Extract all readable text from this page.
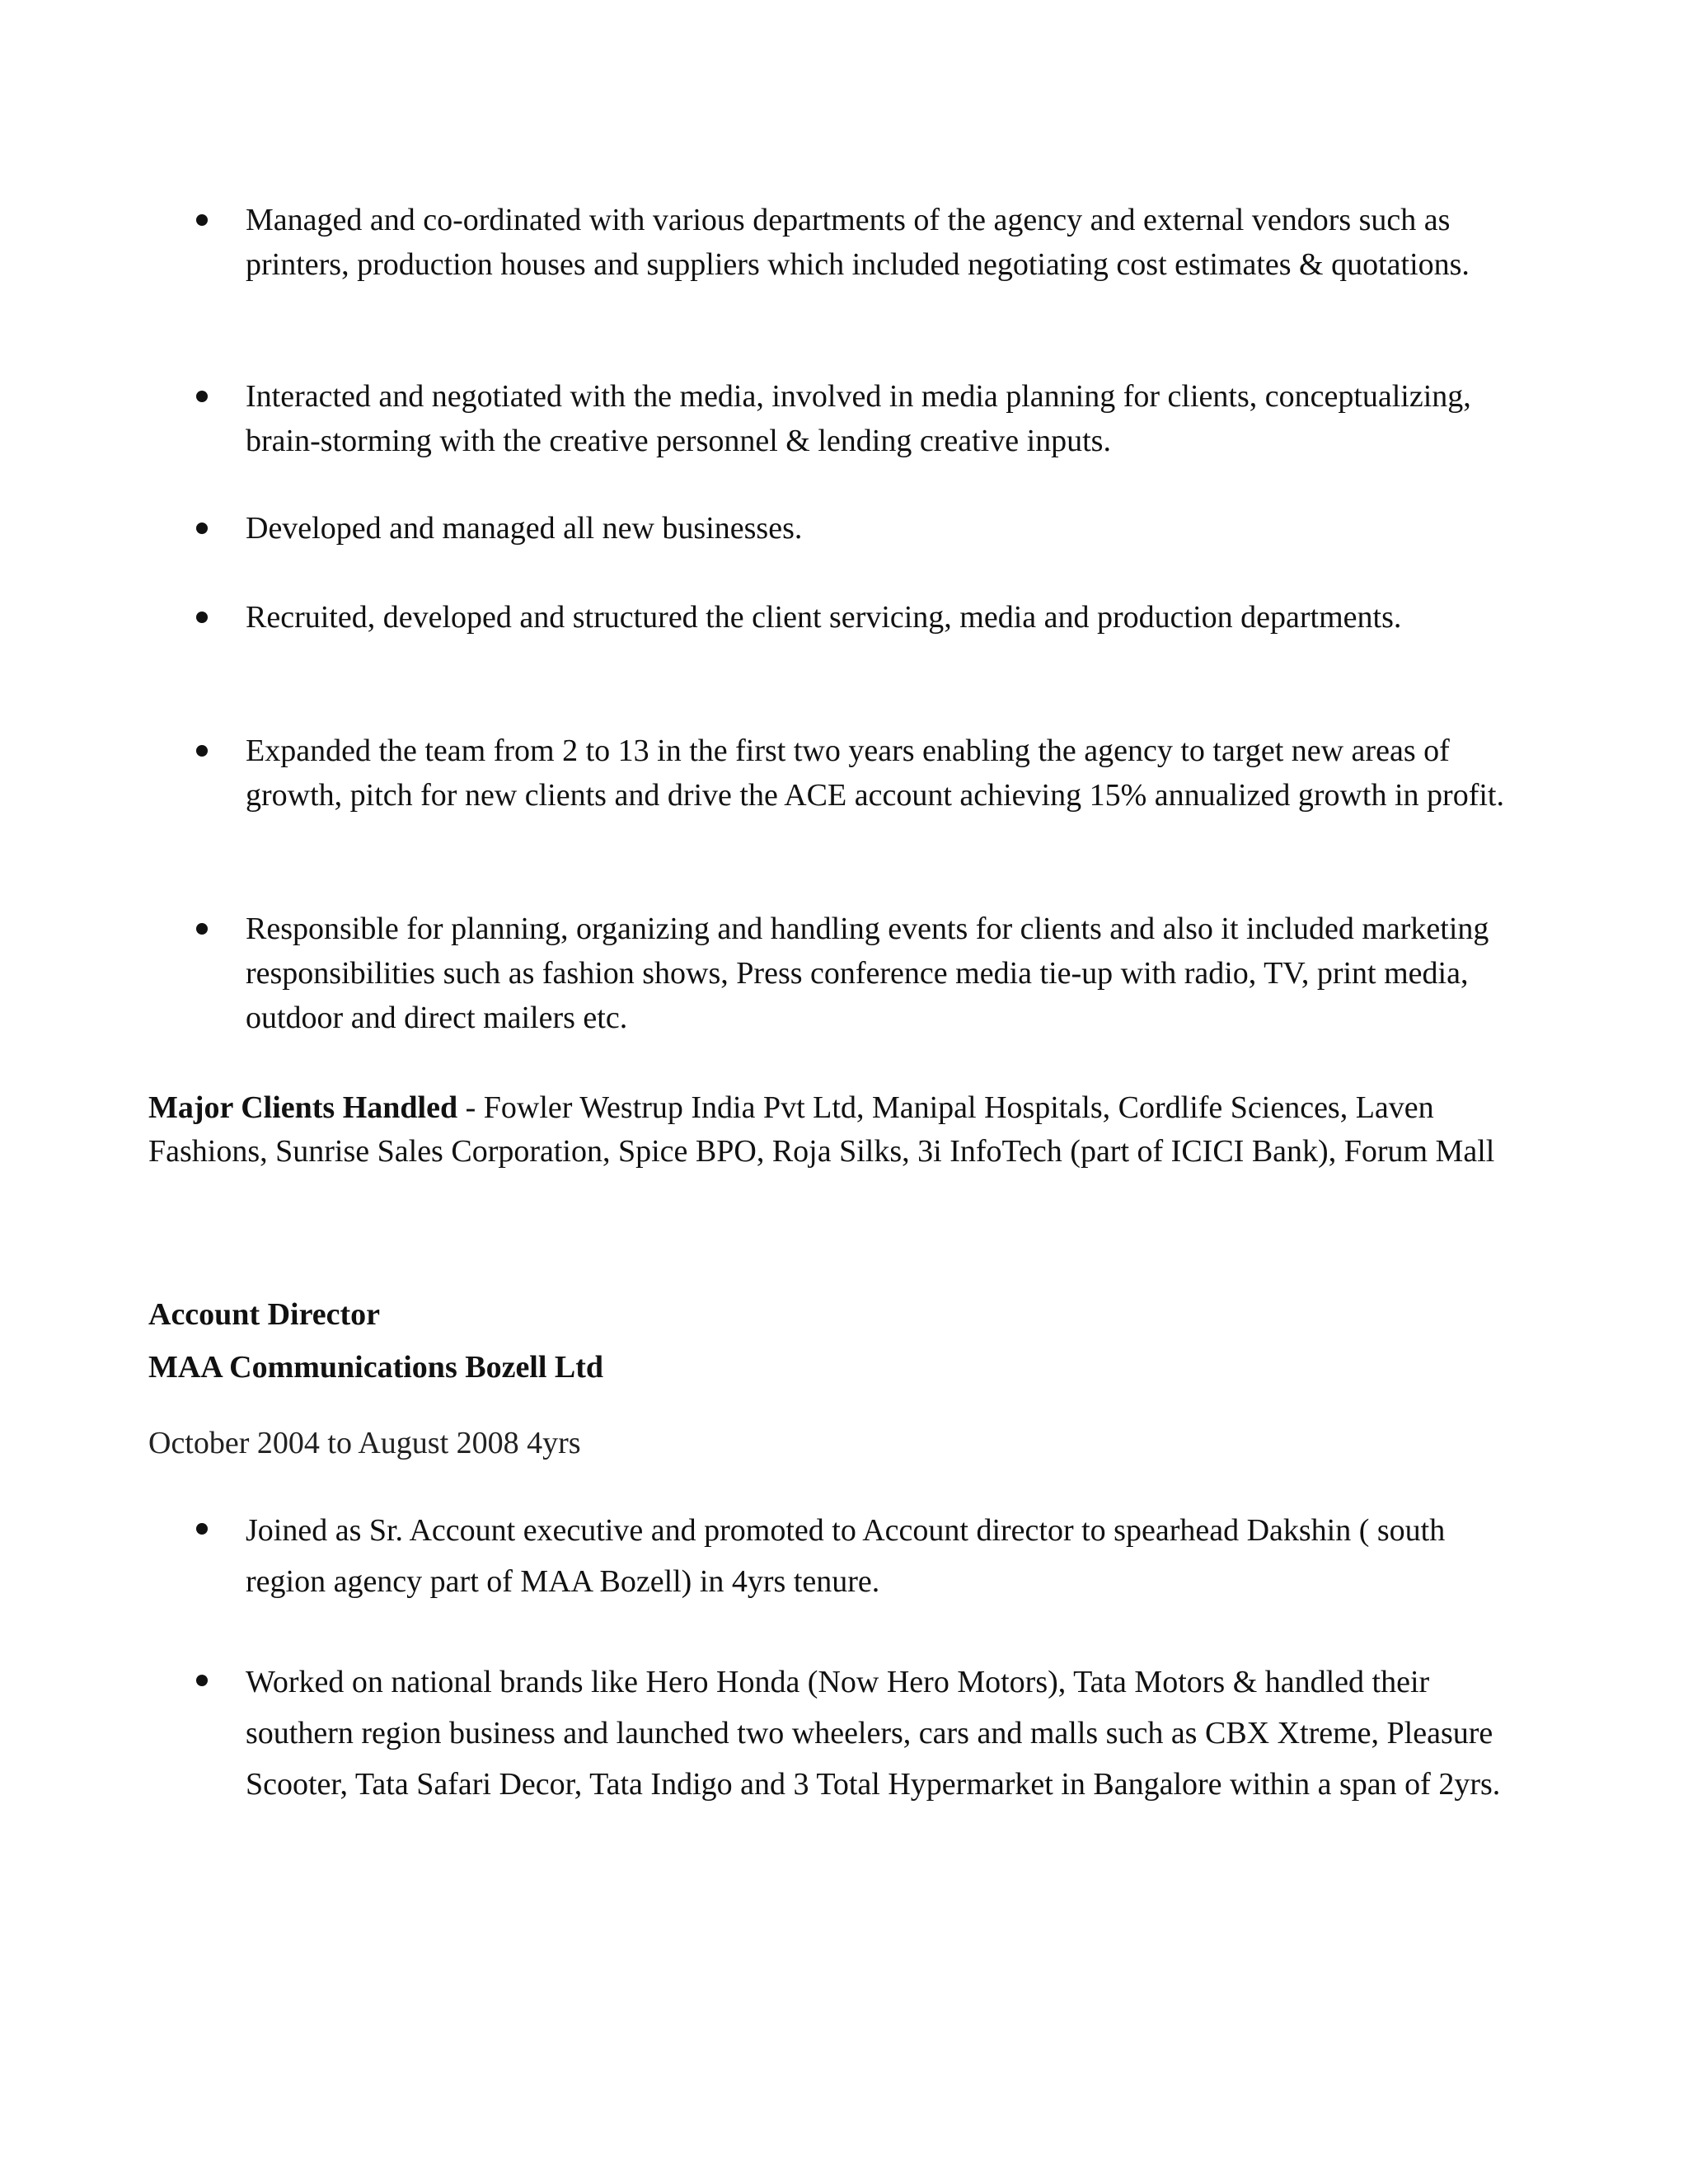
Managed and co-ordinated with various departments of the agency and external vendors such as printers, production houses and suppliers which included negotiating cost estimates & quotations.

Interacted and negotiated with the media, involved in media planning for clients, conceptualizing, brain-storming with the creative personnel & lending creative inputs.

Developed and managed all new businesses.

Recruited, developed and structured the client servicing, media and production departments.

Expanded the team from 2 to 13 in the first two years enabling the agency to target new areas of growth, pitch for new clients and drive the ACE account achieving 15% annualized growth in profit.

Responsible for planning, organizing and handling events for clients and also it included marketing responsibilities such as fashion shows, Press conference media tie-up with radio, TV, print media, outdoor and direct mailers etc.

Major Clients Handled - Fowler Westrup India Pvt Ltd, Manipal Hospitals, Cordlife Sciences, Laven Fashions, Sunrise Sales Corporation, Spice BPO, Roja Silks, 3i InfoTech (part of ICICI Bank), Forum Mall

Account Director

MAA Communications Bozell Ltd

October 2004 to August 2008 4yrs

Joined as Sr. Account executive and promoted to Account director to spearhead Dakshin ( south region agency part of MAA Bozell) in 4yrs tenure.

Worked on national brands like Hero Honda (Now Hero Motors), Tata Motors & handled their southern region business and launched two wheelers, cars and malls such as CBX Xtreme, Pleasure Scooter, Tata Safari Decor, Tata Indigo and 3 Total Hypermarket in Bangalore within a span of 2yrs.
